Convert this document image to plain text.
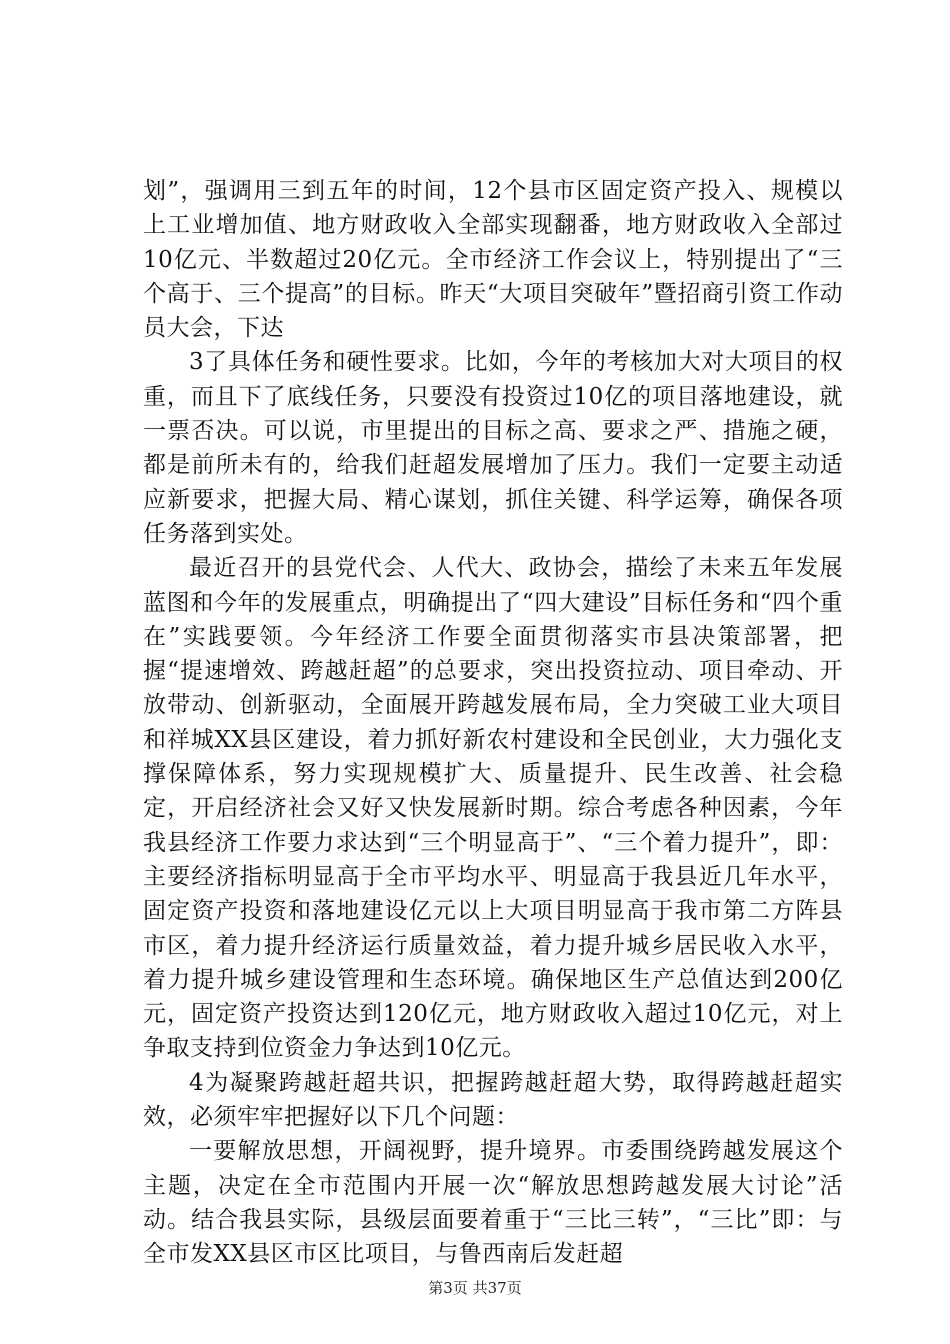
划”，强调用三到五年的时间，12个县市区固定资产投入、规模以上工业增加值、地方财政收入全部实现翻番，地方财政收入全部过10亿元、半数超过20亿元。全市经济工作会议上，特别提出了“三个高于、三个提高”的目标。昨天“大项目突破年”暨招商引资工作动员大会，下达

3了具体任务和硬性要求。比如，今年的考核加大对大项目的权重，而且下了底线任务，只要没有投资过10亿的项目落地建设，就一票否决。可以说，市里提出的目标之高、要求之严、措施之硬，都是前所未有的，给我们赶超发展增加了压力。我们一定要主动适应新要求，把握大局、精心谋划，抓住关键、科学运筹，确保各项任务落到实处。

最近召开的县党代会、人代大、政协会，描绘了未来五年发展蓝图和今年的发展重点，明确提出了“四大建设”目标任务和“四个重在”实践要领。今年经济工作要全面贯彻落实市县决策部署，把握“提速增效、跨越赶超”的总要求，突出投资拉动、项目牵动、开放带动、创新驱动，全面展开跨越发展布局，全力突破工业大项目和祥城XX县区建设，着力抓好新农村建设和全民创业，大力强化支撑保障体系，努力实现规模扩大、质量提升、民生改善、社会稳定，开启经济社会又好又快发展新时期。综合考虑各种因素，今年我县经济工作要力求达到“三个明显高于”、“三个着力提升”，即：主要经济指标明显高于全市平均水平、明显高于我县近几年水平，固定资产投资和落地建设亿元以上大项目明显高于我市第二方阵县市区，着力提升经济运行质量效益，着力提升城乡居民收入水平，着力提升城乡建设管理和生态环境。确保地区生产总值达到200亿元，固定资产投资达到120亿元，地方财政收入超过10亿元，对上争取支持到位资金力争达到10亿元。

4为凝聚跨越赶超共识，把握跨越赶超大势，取得跨越赶超实效，必须牢牢把握好以下几个问题：

一要解放思想，开阔视野，提升境界。市委围绕跨越发展这个主题，决定在全市范围内开展一次“解放思想跨越发展大讨论”活动。结合我县实际，县级层面要着重于“三比三转”，“三比”即：与全市发XX县区市区比项目，与鲁西南后发赶超

第3页 共37页
